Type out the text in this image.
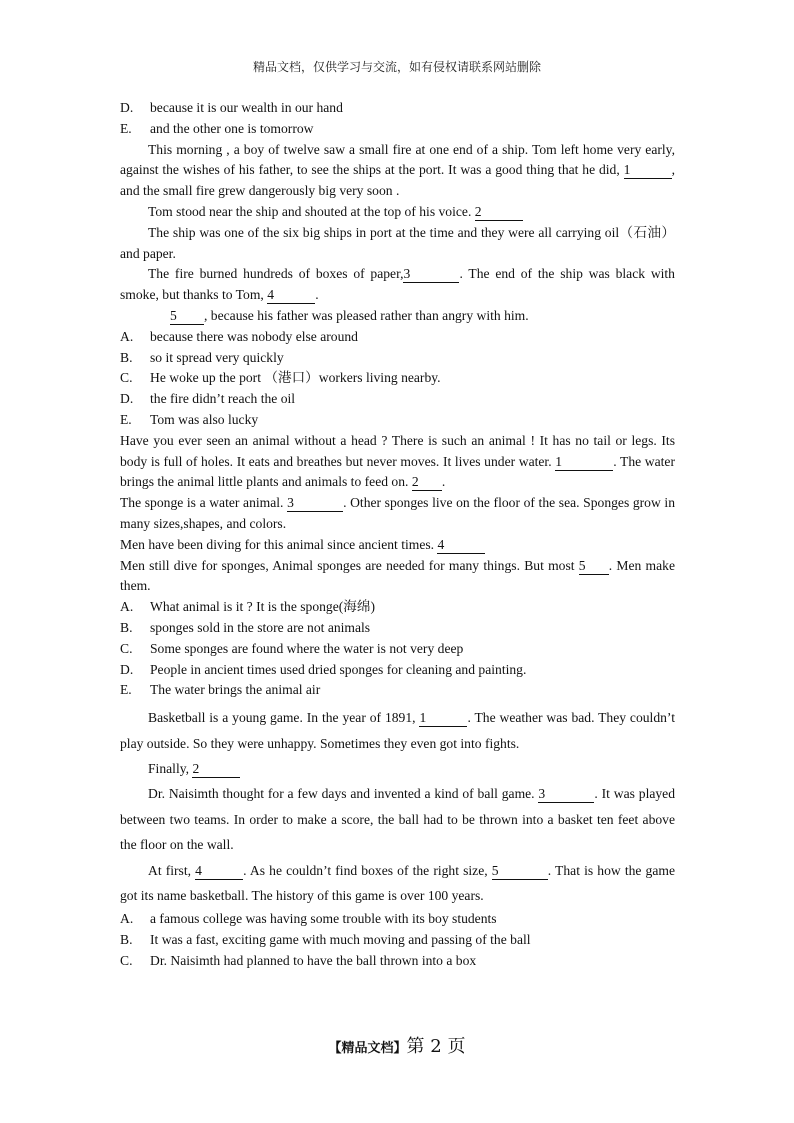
精品文档，仅供学习与交流，如有侵权请联系网站删除

D.	because it is our wealth in our hand

E.	and the other one is tomorrow

This morning , a boy of twelve saw a small fire at one end of a ship. Tom left home very early, against the wishes of his father, to see the ships at the port. It was a good thing that he did, 1	, and the small fire grew dangerously big very soon .

Tom stood near the ship and shouted at the top of his voice. 2

The ship was one of the six big ships in port at the time and they were all carrying oil（石油）and paper.

The fire burned hundreds of boxes of paper,3	. The end of the ship was black with smoke, but thanks to Tom, 4	.

5 , because his father was pleased rather than angry with him.

A.	because there was nobody else around

B.	so it spread very quickly

C.	He woke up the port （港口）workers living nearby.

D.	the fire didn’t reach the oil

E.	Tom was also lucky

Have you ever seen an animal without a head ? There is such an animal ! It has no tail or legs. Its body is full of holes. It eats and breathes but never moves. It lives under water. 1	. The water brings the animal little plants and animals to feed on. 2 .

The sponge is a water animal. 3	. Other sponges live on the floor of the sea. Sponges grow in many sizes,shapes, and colors.

Men have been diving for this animal since ancient times. 4

Men still dive for sponges, Animal sponges are needed for many things. But most 5 . Men make them.

A.	What animal is it ? It is the sponge(海绵)

B.	sponges sold in the store are not animals

C.	Some sponges are found where the water is not very deep

D.	People in ancient times used dried sponges for cleaning and painting.

E.	The water brings the animal air

Basketball is a young game. In the year of 1891, 1	. The weather was bad. They couldn’t play outside. So they were unhappy. Sometimes they even got into fights.

Finally, 2

Dr. Naisimth thought for a few days and invented a kind of ball game. 3	. It was played between two teams. In order to make a score, the ball had to be thrown into a basket ten feet above the floor on the wall.

At first, 4	. As he couldn’t find boxes of the right size, 5	. That is how the game got its name basketball. The history of this game is over 100 years.

A.	a famous college was having some trouble with its boy students

B.	It was a fast, exciting game with much moving and passing of the ball

C.	Dr. Naisimth had planned to have the ball thrown into a box

【精品文档】第 2 页
